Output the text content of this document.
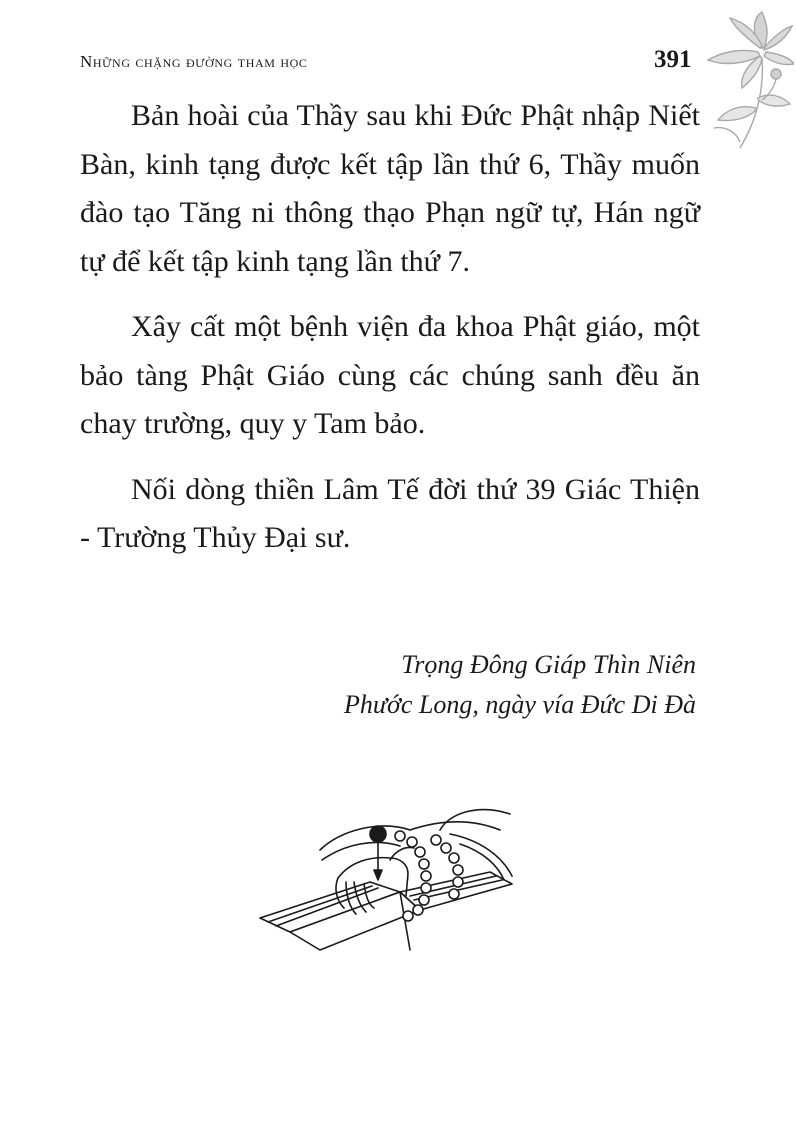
Những chặng đường tham học	391

Bản hoài của Thầy sau khi Đức Phật nhập Niết Bàn, kinh tạng được kết tập lần thứ 6, Thầy muốn đào tạo Tăng ni thông thạo Phạn ngữ tự, Hán ngữ tự để kết tập kinh tạng lần thứ 7.

Xây cất một bệnh viện đa khoa Phật giáo, một bảo tàng Phật Giáo cùng các chúng sanh đều ăn chay trường, quy y Tam bảo.

Nối dòng thiền Lâm Tế đời thứ 39 Giác Thiện - Trường Thủy Đại sư.

Trọng Đông Giáp Thìn Niên
Phước Long, ngày vía Đức Di Đà
